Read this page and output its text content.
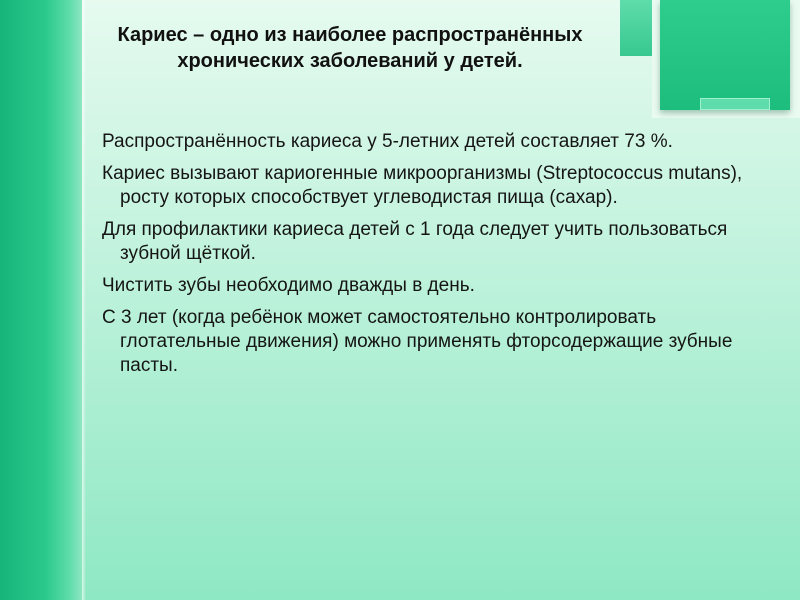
Кариес – одно из наиболее распространённых
хронических заболеваний у детей.
Распространённость кариеса у 5-летних детей составляет 73 %.
Кариес вызывают кариогенные микроорганизмы (Streptococcus mutans), росту которых способствует углеводистая пища (сахар).
Для профилактики кариеса детей с 1 года следует учить пользоваться зубной щёткой.
Чистить зубы необходимо дважды в день.
С 3 лет (когда ребёнок может самостоятельно контролировать глотательные движения) можно применять фторсодержащие зубные пасты.
